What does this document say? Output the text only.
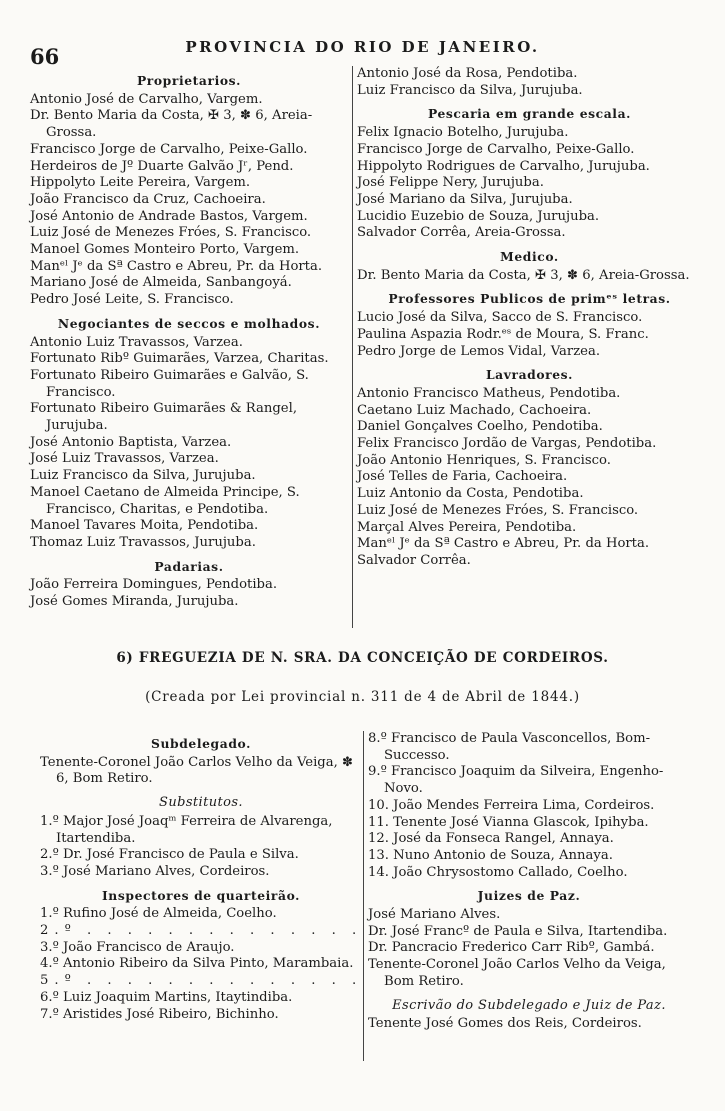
66	PROVINCIA DO RIO DE JANEIRO.
Proprietarios.
Antonio José de Carvalho, Vargem.
Dr. Bento Maria da Costa, ✠ 3, ✽ 6, Areia-Grossa.
Francisco Jorge de Carvalho, Peixe-Gallo.
Herdeiros de Jº Duarte Galvão Jʳ, Pend.
Hippolyto Leite Pereira, Vargem.
João Francisco da Cruz, Cachoeira.
José Antonio de Andrade Bastos, Vargem.
Luiz José de Menezes Fróes, S. Francisco.
Manoel Gomes Monteiro Porto, Vargem.
Manᵉˡ Jᵉ da Sª Castro e Abreu, Pr. da Horta.
Mariano José de Almeida, Sanbangoyá.
Pedro José Leite, S. Francisco.
Negociantes de seccos e molhados.
Antonio Luiz Travassos, Varzea.
Fortunato Ribº Guimarães, Varzea, Charitas.
Fortunato Ribeiro Guimarães e Galvão, S. Francisco.
Fortunato Ribeiro Guimarães & Rangel, Jurujuba.
José Antonio Baptista, Varzea.
José Luiz Travassos, Varzea.
Luiz Francisco da Silva, Jurujuba.
Manoel Caetano de Almeida Principe, S. Francisco, Charitas, e Pendotiba.
Manoel Tavares Moita, Pendotiba.
Thomaz Luiz Travassos, Jurujuba.
Padarias.
João Ferreira Domingues, Pendotiba.
José Gomes Miranda, Jurujuba.
Antonio José da Rosa, Pendotiba.
Luiz Francisco da Silva, Jurujuba.
Pescaria em grande escala.
Felix Ignacio Botelho, Jurujuba.
Francisco Jorge de Carvalho, Peixe-Gallo.
Hippolyto Rodrigues de Carvalho, Jurujuba.
José Felippe Nery, Jurujuba.
José Mariano da Silva, Jurujuba.
Lucidio Euzebio de Souza, Jurujuba.
Salvador Corrêa, Areia-Grossa.
Medico.
Dr. Bento Maria da Costa, ✠ 3, ✽ 6, Areia-Grossa.
Professores Publicos de primᵉˢ letras.
Lucio José da Silva, Sacco de S. Francisco.
Paulina Aspazia Rodr.ᵉˢ de Moura, S. Franc.
Pedro Jorge de Lemos Vidal, Varzea.
Lavradores.
Antonio Francisco Matheus, Pendotiba.
Caetano Luiz Machado, Cachoeira.
Daniel Gonçalves Coelho, Pendotiba.
Felix Francisco Jordão de Vargas, Pendotiba.
João Antonio Henriques, S. Francisco.
José Telles de Faria, Cachoeira.
Luiz Antonio da Costa, Pendotiba.
Luiz José de Menezes Fróes, S. Francisco.
Marçal Alves Pereira, Pendotiba.
Manᵉˡ Jᵉ da Sª Castro e Abreu, Pr. da Horta.
Salvador Corrêa.
6) FREGUEZIA DE N. SRA. DA CONCEIÇÃO DE CORDEIROS.
(Creada por Lei provincial n. 311 de 4 de Abril de 1844.)
Subdelegado.
Tenente-Coronel João Carlos Velho da Veiga, ✽ 6, Bom Retiro.
Substitutos.
1.º Major José Joaqᵐ Ferreira de Alvarenga, Itartendiba.
2.º Dr. José Francisco de Paula e Silva.
3.º José Mariano Alves, Cordeiros.
Inspectores de quarteirão.
1.º Rufino José de Almeida, Coelho.
2.º . . . . . . . . . . . . . .
3.º João Francisco de Araujo.
4.º Antonio Ribeiro da Silva Pinto, Marambaia.
5.º . . . . . . . . . . . . . .
6.º Luiz Joaquim Martins, Itaytindiba.
7.º Aristides José Ribeiro, Bichinho.
8.º Francisco de Paula Vasconcellos, Bom-Successo.
9.º Francisco Joaquim da Silveira, Engenho-Novo.
10. João Mendes Ferreira Lima, Cordeiros.
11. Tenente José Vianna Glascok, Ipihyba.
12. José da Fonseca Rangel, Annaya.
13. Nuno Antonio de Souza, Annaya.
14. João Chrysostomo Callado, Coelho.
Juizes de Paz.
José Mariano Alves.
Dr. José Francº de Paula e Silva, Itartendiba.
Dr. Pancracio Frederico Carr Ribº, Gambá.
Tenente-Coronel João Carlos Velho da Veiga, Bom Retiro.
Escrivão do Subdelegado e Juiz de Paz.
Tenente José Gomes dos Reis, Cordeiros.
